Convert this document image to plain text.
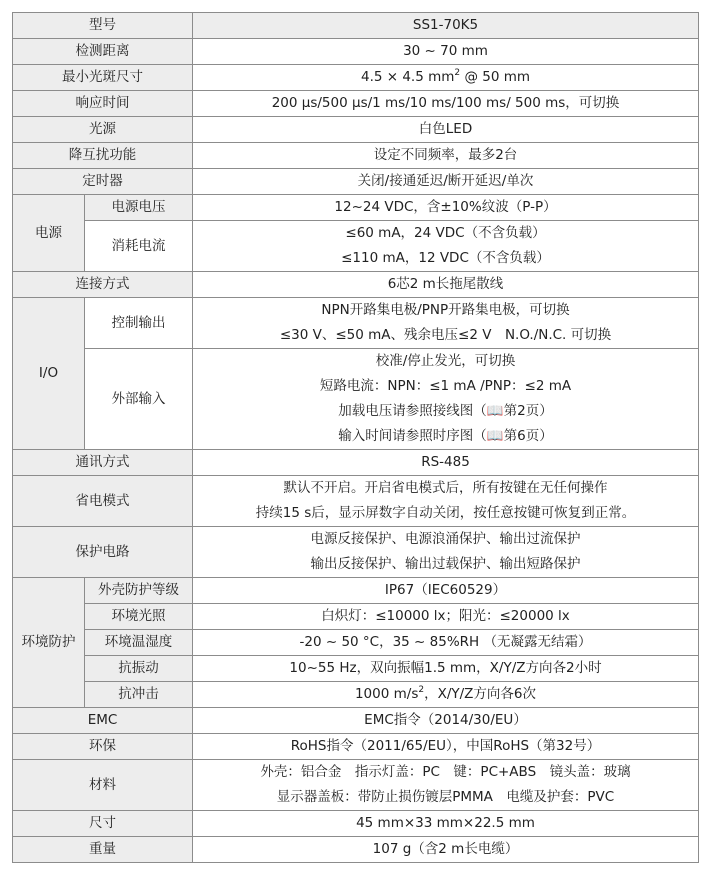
型号		SS1-70K5
检测距离		30 ~ 70 mm
最小光斑尺寸		4.5 × 4.5 $mm^2$ @ 50 mm
响应时间		200 µs/500 µs/1 ms/10 ms/100 ms/ 500 ms，可切换
光源		白色LED
降互扰功能		设定不同频率，最多2台
定时器		关闭/接通延迟/断开延迟/单次
电源	电源电压	12~24 VDC，含±10%纹波（P-P）
	消耗电流	≤60 mA，24 VDC（不含负载）
≤110 mA，12 VDC（不含负载）

连接方式		6芯2 m长拖尾散线
I/O	控制输出	NPN开路集电极/PNP开路集电极，可切换
≤30 V、≤50 mA、残余电压≤2 V　N.O./N.C. 可切换

	外部输入	校准/停止发光，可切换
短路电流：NPN：≤1 mA /PNP：≤2 mA
加载电压请参照接线图（📖第2页）
输入时间请参照时序图（📖第6页）

通讯方式		RS-485
省电模式		默认不开启。开启省电模式后，所有按键在无任何操作
持续15 s后，显示屏数字自动关闭，按任意按键可恢复到正常。

保护电路		电源反接保护、电源浪涌保护、输出过流保护
输出反接保护、输出过载保护、输出短路保护

环境防护	外壳防护等级	IP67（IEC60529）
	环境光照	白炽灯：≤10000 lx；阳光：≤20000 lx
	环境温湿度	-20 ~ 50 °C，35 ~ 85%RH （无凝露无结霜）
	抗振动	10~55 Hz，双向振幅1.5 mm，X/Y/Z方向各2小时
	抗冲击	1000 $m/s^2$，X/Y/Z方向各6次
EMC		EMC指令（2014/30/EU）
环保		RoHS指令（2011/65/EU），中国RoHS（第32号）
材料		外壳：铝合金　指示灯盖：PC　键：PC+ABS　镜头盖：玻璃
显示器盖板：带防止损伤镀层PMMA　电缆及护套：PVC

尺寸		45 mm×33 mm×22.5 mm
重量		107 g（含2 m长电缆）
